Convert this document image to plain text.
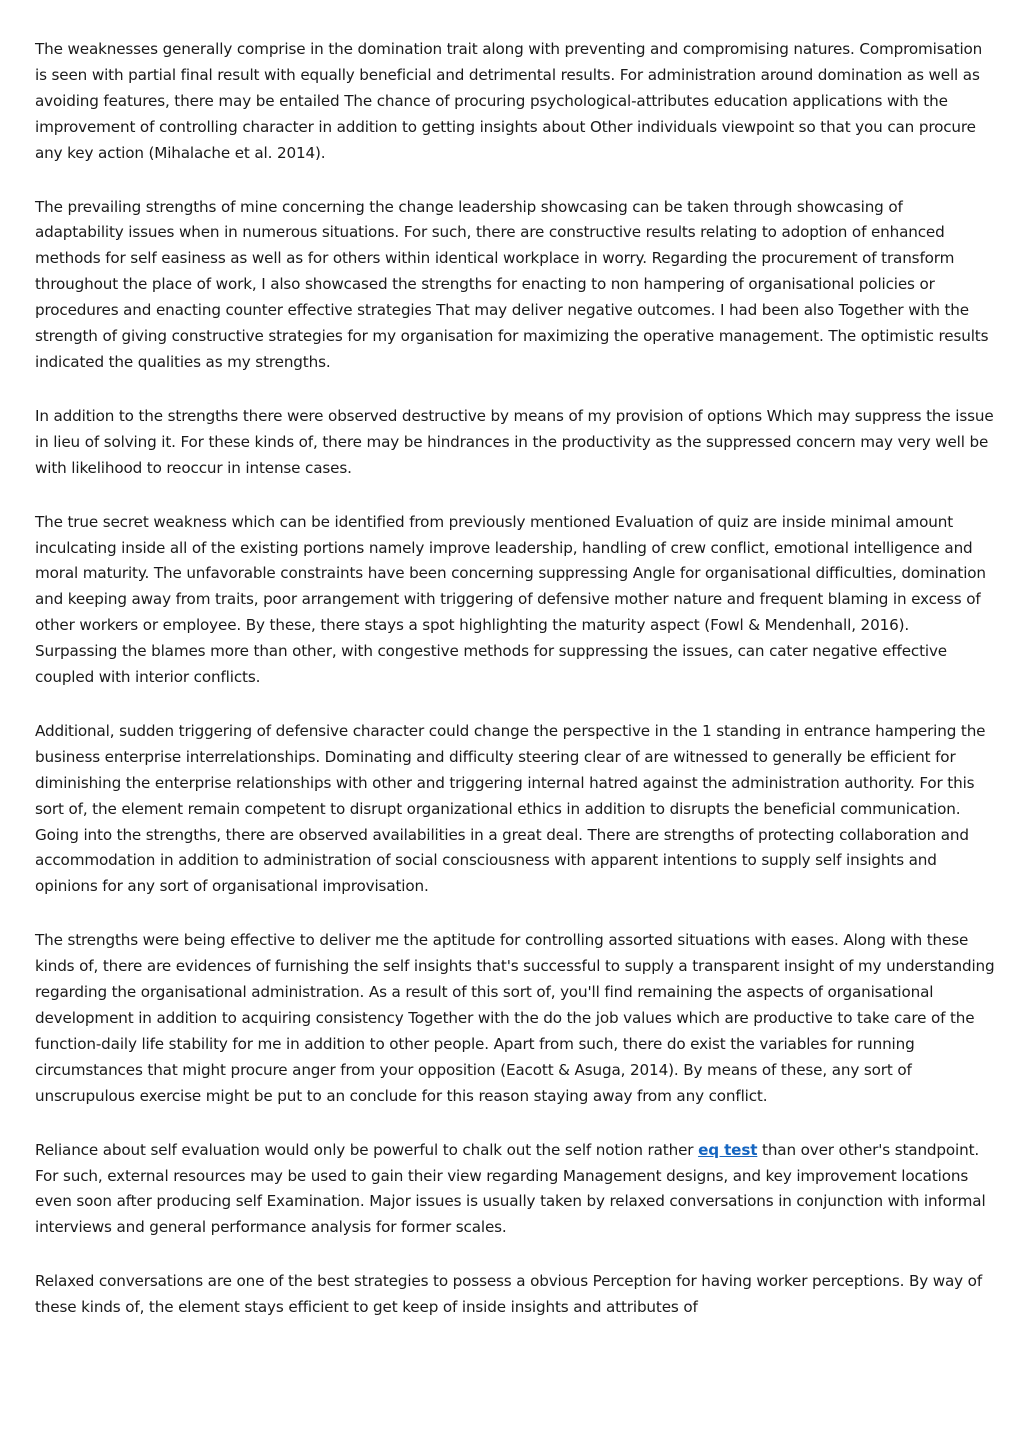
The weaknesses generally comprise in the domination trait along with preventing and compromising natures. Compromisation is seen with partial final result with equally beneficial and detrimental results. For administration around domination as well as avoiding features, there may be entailed The chance of procuring psychological-attributes education applications with the improvement of controlling character in addition to getting insights about Other individuals viewpoint so that you can procure any key action (Mihalache et al. 2014).

The prevailing strengths of mine concerning the change leadership showcasing can be taken through showcasing of adaptability issues when in numerous situations. For such, there are constructive results relating to adoption of enhanced methods for self easiness as well as for others within identical workplace in worry. Regarding the procurement of transform throughout the place of work, I also showcased the strengths for enacting to non hampering of organisational policies or procedures and enacting counter effective strategies That may deliver negative outcomes. I had been also Together with the strength of giving constructive strategies for my organisation for maximizing the operative management. The optimistic results indicated the qualities as my strengths.

In addition to the strengths there were observed destructive by means of my provision of options Which may suppress the issue in lieu of solving it. For these kinds of, there may be hindrances in the productivity as the suppressed concern may very well be with likelihood to reoccur in intense cases.

The true secret weakness which can be identified from previously mentioned Evaluation of quiz are inside minimal amount inculcating inside all of the existing portions namely improve leadership, handling of crew conflict, emotional intelligence and moral maturity. The unfavorable constraints have been concerning suppressing Angle for organisational difficulties, domination and keeping away from traits, poor arrangement with triggering of defensive mother nature and frequent blaming in excess of other workers or employee. By these, there stays a spot highlighting the maturity aspect (Fowl & Mendenhall, 2016). Surpassing the blames more than other, with congestive methods for suppressing the issues, can cater negative effective coupled with interior conflicts.

Additional, sudden triggering of defensive character could change the perspective in the 1 standing in entrance hampering the business enterprise interrelationships. Dominating and difficulty steering clear of are witnessed to generally be efficient for diminishing the enterprise relationships with other and triggering internal hatred against the administration authority. For this sort of, the element remain competent to disrupt organizational ethics in addition to disrupts the beneficial communication. Going into the strengths, there are observed availabilities in a great deal. There are strengths of protecting collaboration and accommodation in addition to administration of social consciousness with apparent intentions to supply self insights and opinions for any sort of organisational improvisation.

The strengths were being effective to deliver me the aptitude for controlling assorted situations with eases. Along with these kinds of, there are evidences of furnishing the self insights that's successful to supply a transparent insight of my understanding regarding the organisational administration. As a result of this sort of, you'll find remaining the aspects of organisational development in addition to acquiring consistency Together with the do the job values which are productive to take care of the function-daily life stability for me in addition to other people. Apart from such, there do exist the variables for running circumstances that might procure anger from your opposition (Eacott & Asuga, 2014). By means of these, any sort of unscrupulous exercise might be put to an conclude for this reason staying away from any conflict.

Reliance about self evaluation would only be powerful to chalk out the self notion rather eq test than over other's standpoint. For such, external resources may be used to gain their view regarding Management designs, and key improvement locations even soon after producing self Examination. Major issues is usually taken by relaxed conversations in conjunction with informal interviews and general performance analysis for former scales.

Relaxed conversations are one of the best strategies to possess a obvious Perception for having worker perceptions. By way of these kinds of, the element stays efficient to get keep of inside insights and attributes of
